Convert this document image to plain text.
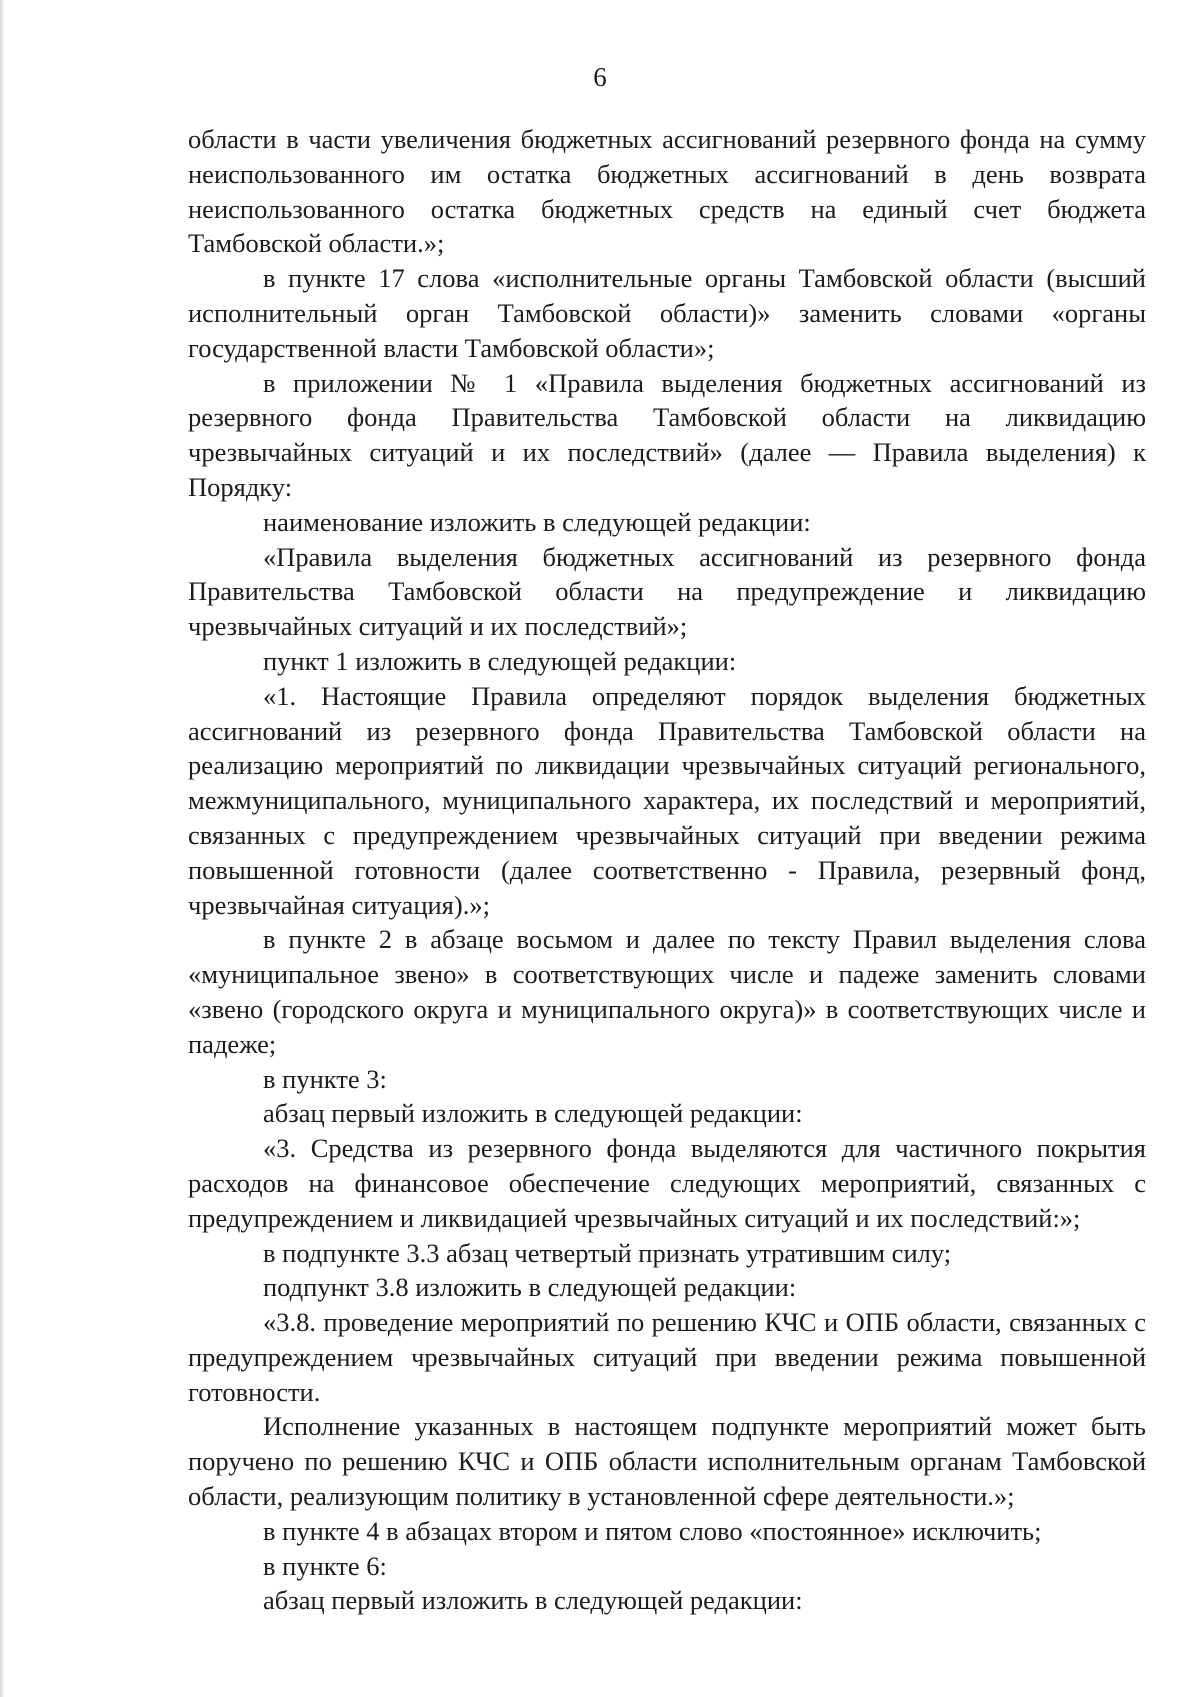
6

области в части увеличения бюджетных ассигнований резервного фонда на сумму неиспользованного им остатка бюджетных ассигнований в день возврата неиспользованного остатка бюджетных средств на единый счет бюджета Тамбовской области.»;

в пункте 17 слова «исполнительные органы Тамбовской области (высший исполнительный орган Тамбовской области)» заменить словами «органы государственной власти Тамбовской области»;

в приложении № 1 «Правила выделения бюджетных ассигнований из резервного фонда Правительства Тамбовской области на ликвидацию чрезвычайных ситуаций и их последствий» (далее — Правила выделения) к Порядку:

наименование изложить в следующей редакции:

«Правила выделения бюджетных ассигнований из резервного фонда Правительства Тамбовской области на предупреждение и ликвидацию чрезвычайных ситуаций и их последствий»;

пункт 1 изложить в следующей редакции:

«1. Настоящие Правила определяют порядок выделения бюджетных ассигнований из резервного фонда Правительства Тамбовской области на реализацию мероприятий по ликвидации чрезвычайных ситуаций регионального, межмуниципального, муниципального характера, их последствий и мероприятий, связанных с предупреждением чрезвычайных ситуаций при введении режима повышенной готовности (далее соответственно - Правила, резервный фонд, чрезвычайная ситуация).»;

в пункте 2 в абзаце восьмом и далее по тексту Правил выделения слова «муниципальное звено» в соответствующих числе и падеже заменить словами «звено (городского округа и муниципального округа)» в соответствующих числе и падеже;

в пункте 3:

абзац первый изложить в следующей редакции:

«3. Средства из резервного фонда выделяются для частичного покрытия расходов на финансовое обеспечение следующих мероприятий, связанных с предупреждением и ликвидацией чрезвычайных ситуаций и их последствий:»;

в подпункте 3.3 абзац четвертый признать утратившим силу;

подпункт 3.8 изложить в следующей редакции:

«3.8. проведение мероприятий по решению КЧС и ОПБ области, связанных с предупреждением чрезвычайных ситуаций при введении режима повышенной готовности.

Исполнение указанных в настоящем подпункте мероприятий может быть поручено по решению КЧС и ОПБ области исполнительным органам Тамбовской области, реализующим политику в установленной сфере деятельности.»;

в пункте 4 в абзацах втором и пятом слово «постоянное» исключить;

в пункте 6:

абзац первый изложить в следующей редакции:
